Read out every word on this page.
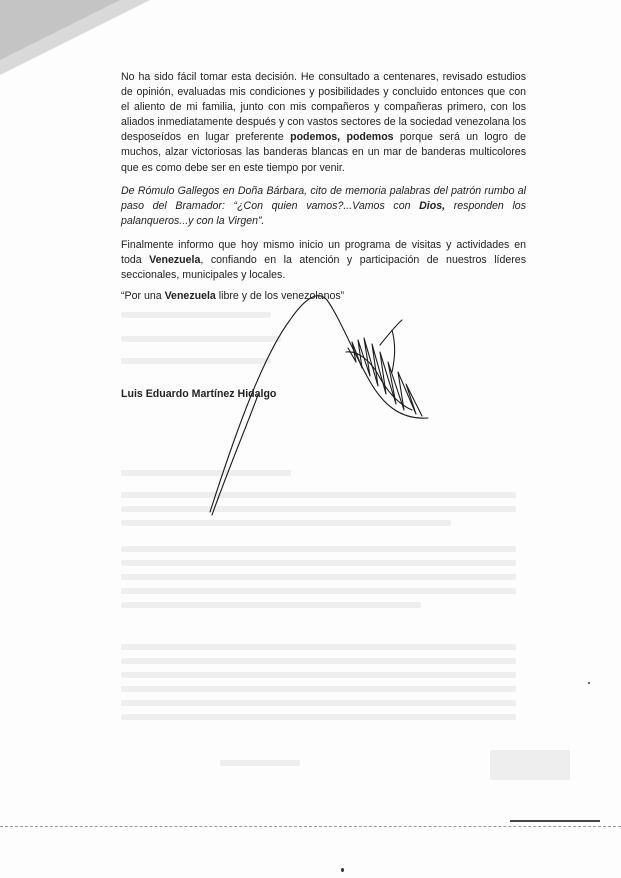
No ha sido fácil tomar esta decisión. He consultado a centenares, revisado estudios de opinión, evaluadas mis condiciones y posibilidades y concluido entonces que con el aliento de mi familia, junto con mis compañeros y compañeras primero, con los aliados inmediatamente después y con vastos sectores de la sociedad venezolana los desposeídos en lugar preferente podemos, podemos porque será un logro de muchos, alzar victoriosas las banderas blancas en un mar de banderas multicolores que es como debe ser en este tiempo por venir.
De Rómulo Gallegos en Doña Bárbara, cito de memoria palabras del patrón rumbo al paso del Bramador: “¿Con quien vamos?...Vamos con Dios, responden los palanqueros...y con la Virgen”.
Finalmente informo que hoy mismo inicio un programa de visitas y actividades en toda Venezuela, confiando en la atención y participación de nuestros líderes seccionales, municipales y locales.
“Por una Venezuela libre y de los venezolanos”
Luis Eduardo Martínez Hidalgo
